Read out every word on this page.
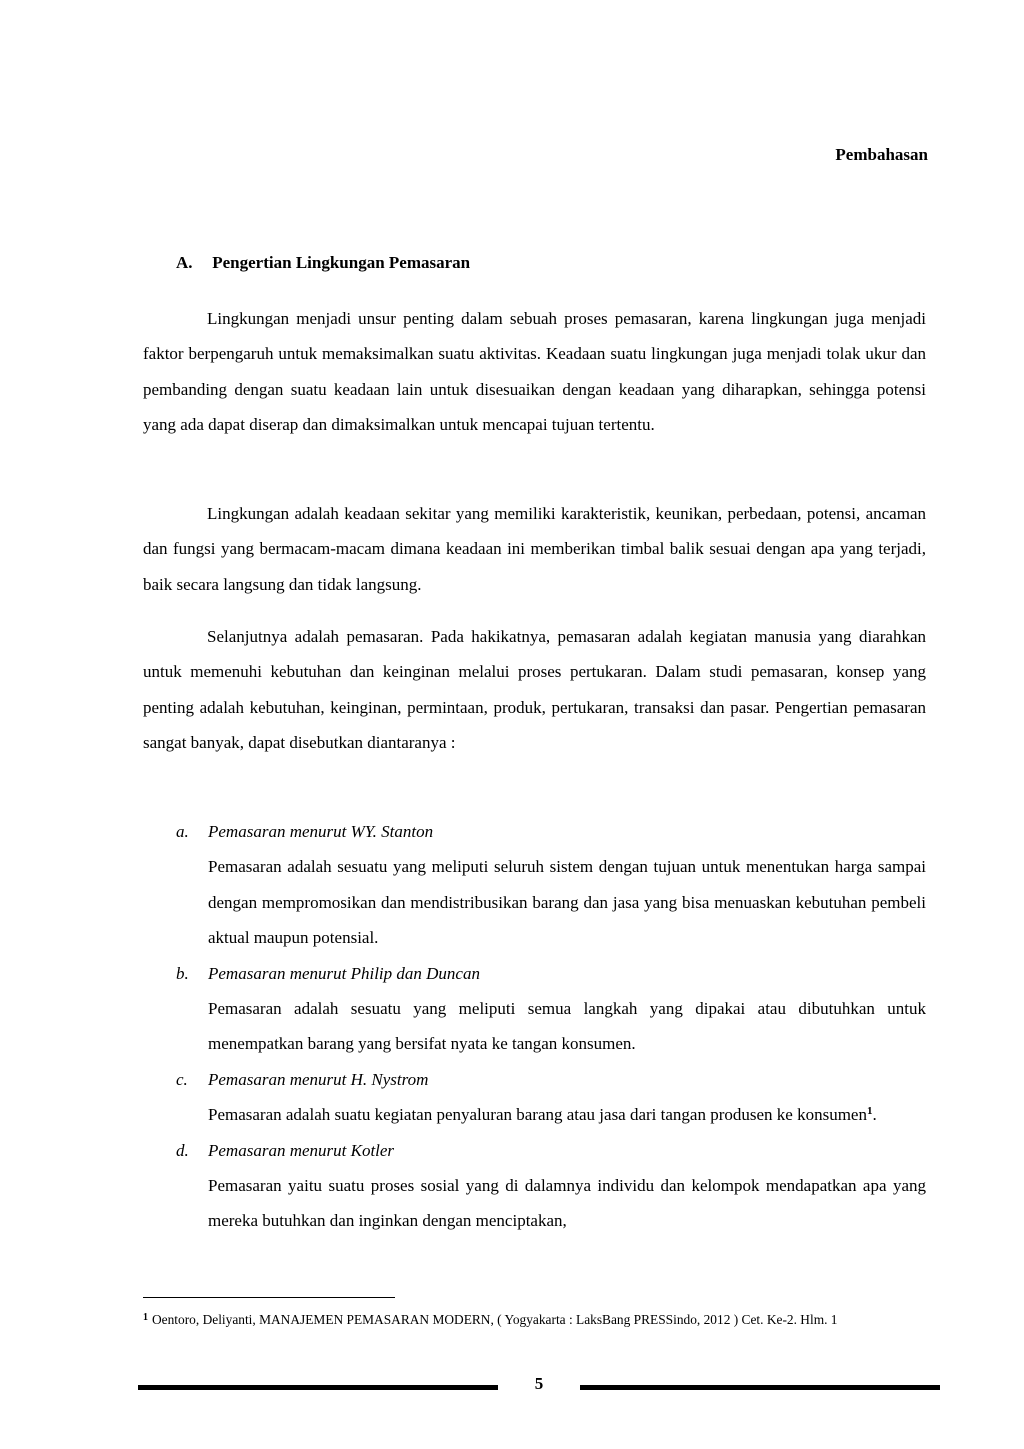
Pembahasan
A. Pengertian Lingkungan Pemasaran

Lingkungan menjadi unsur penting dalam sebuah proses pemasaran, karena lingkungan juga menjadi faktor berpengaruh untuk memaksimalkan suatu aktivitas. Keadaan suatu lingkungan juga menjadi tolak ukur dan pembanding dengan suatu keadaan lain untuk disesuaikan dengan keadaan yang diharapkan, sehingga potensi yang ada dapat diserap dan dimaksimalkan untuk mencapai tujuan tertentu.

Lingkungan adalah keadaan sekitar yang memiliki karakteristik, keunikan, perbedaan, potensi, ancaman dan fungsi yang bermacam-macam dimana keadaan ini memberikan timbal balik sesuai dengan apa yang terjadi, baik secara langsung dan tidak langsung.

Selanjutnya adalah pemasaran. Pada hakikatnya, pemasaran adalah kegiatan manusia yang diarahkan untuk memenuhi kebutuhan dan keinginan melalui proses pertukaran. Dalam studi pemasaran, konsep yang penting adalah kebutuhan, keinginan, permintaan, produk, pertukaran, transaksi dan pasar. Pengertian pemasaran sangat banyak, dapat disebutkan diantaranya :

a. Pemasaran menurut WY. Stanton
Pemasaran adalah sesuatu yang meliputi seluruh sistem dengan tujuan untuk menentukan harga sampai dengan mempromosikan dan mendistribusikan barang dan jasa yang bisa menuaskan kebutuhan pembeli aktual maupun potensial.
b. Pemasaran menurut Philip dan Duncan
Pemasaran adalah sesuatu yang meliputi semua langkah yang dipakai atau dibutuhkan untuk menempatkan barang yang bersifat nyata ke tangan konsumen.
c. Pemasaran menurut H. Nystrom
Pemasaran adalah suatu kegiatan penyaluran barang atau jasa dari tangan produsen ke konsumen$^1$.
d. Pemasaran menurut Kotler
Pemasaran yaitu suatu proses sosial yang di dalamnya individu dan kelompok mendapatkan apa yang mereka butuhkan dan inginkan dengan menciptakan,
$^1$ Oentoro, Deliyanti, MANAJEMEN PEMASARAN MODERN, ( Yogyakarta : LaksBang PRESSindo, 2012 ) Cet. Ke-2. Hlm. 1
5
